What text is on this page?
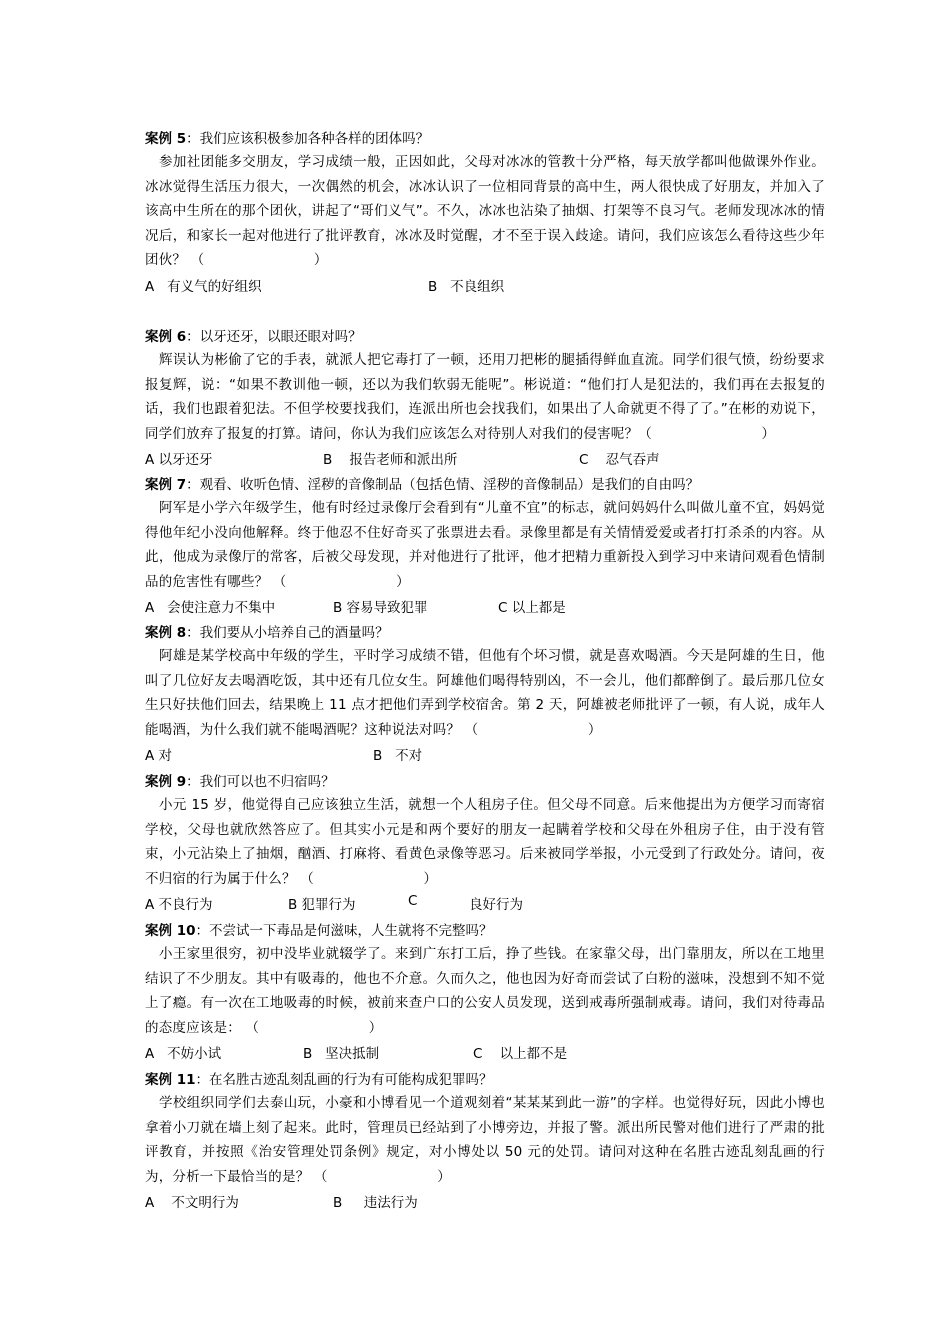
案例 5：我们应该积极参加各种各样的团体吗？
参加社团能多交朋友，学习成绩一般，正因如此，父母对冰冰的管教十分严格，每天放学都叫他做课外作业。冰冰觉得生活压力很大，一次偶然的机会，冰冰认识了一位相同背景的高中生，两人很快成了好朋友，并加入了该高中生所在的那个团伙，讲起了“哥们义气”。不久，冰冰也沾染了抽烟、打架等不良习气。老师发现冰冰的情况后，和家长一起对他进行了批评教育，冰冰及时觉醒，才不至于误入歧途。请问，我们应该怎么看待这些少年团伙？ （　　　　　　　　）
A   有义气的好组织	B   不良组织
案例 6：以牙还牙，以眼还眼对吗？
辉误认为彬偷了它的手表，就派人把它毒打了一顿，还用刀把彬的腿插得鲜血直流。同学们很气愤，纷纷要求报复辉，说：“如果不教训他一顿，还以为我们软弱无能呢”。彬说道：“他们打人是犯法的，我们再在去报复的话，我们也跟着犯法。不但学校要找我们，连派出所也会找我们，如果出了人命就更不得了了。”在彬的劝说下，同学们放弃了报复的打算。请问，你认为我们应该怎么对待别人对我们的侵害呢？（　　　　　　　　）
A 以牙还牙	B    报告老师和派出所	C    忍气吞声
案例 7：观看、收听色情、淫秽的音像制品（包括色情、淫秽的音像制品）是我们的自由吗？
阿军是小学六年级学生，他有时经过录像厅会看到有“儿童不宜”的标志，就问妈妈什么叫做儿童不宜，妈妈觉得他年纪小没向他解释。终于他忍不住好奇买了张票进去看。录像里都是有关情情爱爱或者打打杀杀的内容。从此，他成为录像厅的常客，后被父母发现，并对他进行了批评，他才把精力重新投入到学习中来请问观看色情制品的危害性有哪些？ （　　　　　　　　）
A   会使注意力不集中	B 容易导致犯罪	C 以上都是
案例 8：我们要从小培养自己的酒量吗？
阿雄是某学校高中年级的学生，平时学习成绩不错，但他有个坏习惯，就是喜欢喝酒。今天是阿雄的生日，他叫了几位好友去喝酒吃饭，其中还有几位女生。阿雄他们喝得特别凶，不一会儿，他们都醉倒了。最后那几位女生只好扶他们回去，结果晚上 11 点才把他们弄到学校宿舍。第 2 天，阿雄被老师批评了一顿，有人说，成年人能喝酒，为什么我们就不能喝酒呢？这种说法对吗？ （　　　　　　　　）
A 对	B   不对
案例 9：我们可以也不归宿吗？
小元 15 岁，他觉得自己应该独立生活，就想一个人租房子住。但父母不同意。后来他提出为方便学习而寄宿学校，父母也就欣然答应了。但其实小元是和两个要好的朋友一起瞒着学校和父母在外租房子住，由于没有管束，小元沾染上了抽烟，酗酒、打麻将、看黄色录像等恶习。后来被同学举报，小元受到了行政处分。请问，夜不归宿的行为属于什么？ （　　　　　　　　）
A 不良行为	B 犯罪行为	C	良好行为
案例 10：不尝试一下毒品是何滋味，人生就将不完整吗？
小王家里很穷，初中没毕业就辍学了。来到广东打工后，挣了些钱。在家靠父母，出门靠朋友，所以在工地里结识了不少朋友。其中有吸毒的，他也不介意。久而久之，他也因为好奇而尝试了白粉的滋味，没想到不知不觉上了瘾。有一次在工地吸毒的时候，被前来查户口的公安人员发现，送到戒毒所强制戒毒。请问，我们对待毒品的态度应该是： （　　　　　　　　）
A   不妨小试	B   坚决抵制	C    以上都不是
案例 11：在名胜古迹乱刻乱画的行为有可能构成犯罪吗？
学校组织同学们去泰山玩，小豪和小博看见一个道观刻着“某某某到此一游”的字样。也觉得好玩，因此小博也拿着小刀就在墙上刻了起来。此时，管理员已经站到了小博旁边，并报了警。派出所民警对他们进行了严肃的批评教育，并按照《治安管理处罚条例》规定，对小博处以 50 元的处罚。请问对这种在名胜古迹乱刻乱画的行为，分析一下最恰当的是？ （　　　　　　　　）
A    不文明行为	B     违法行为
